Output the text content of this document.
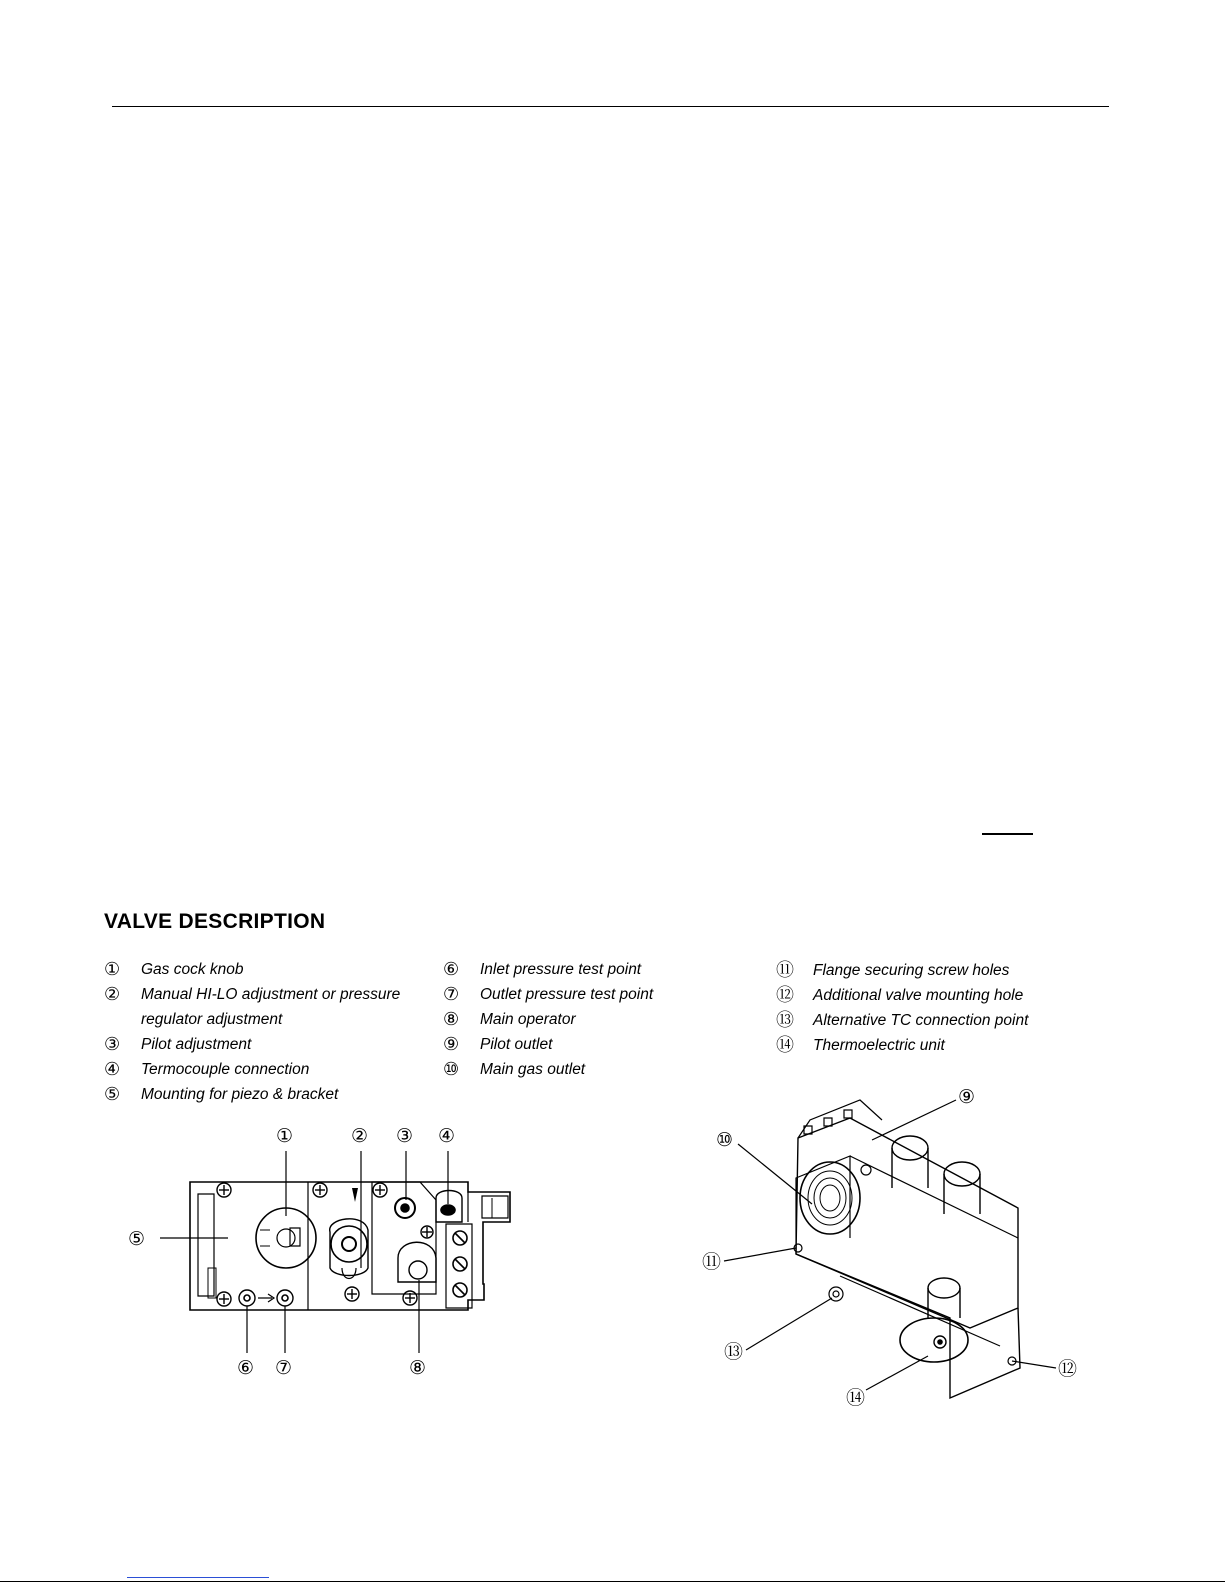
VALVE DESCRIPTION
① Gas cock knob
② Manual HI-LO adjustment or pressure
regulator adjustment
③ Pilot adjustment
④ Termocouple connection
⑤ Mounting for piezo & bracket
⑥ Inlet pressure test point
⑦ Outlet pressure test point
⑧ Main operator
⑨ Pilot outlet
⑩ Main gas outlet
⑪ Flange securing screw holes
⑫ Additional valve mounting hole
⑬ Alternative TC connection point
⑭ Thermoelectric unit
①	② ③ ④
⑤
⑥ ⑦	⑧
⑨
⑩
⑪
⑫
⑬
⑭
